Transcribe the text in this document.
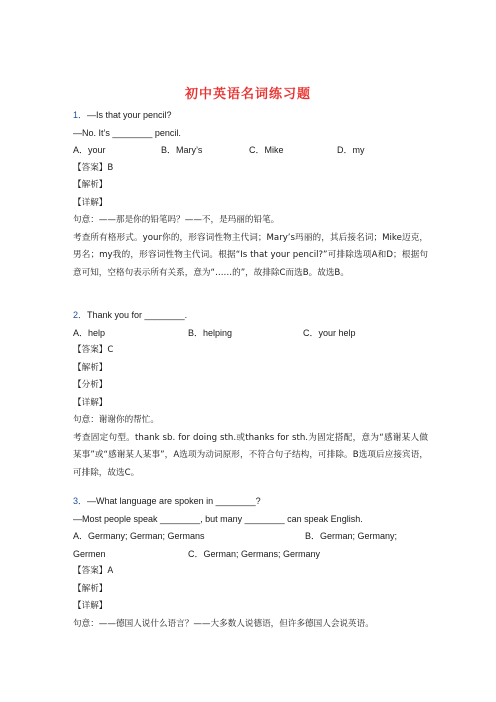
初中英语名词练习题
1．—Is that your pencil?
—No. It’s ________ pencil.
A．your	B．Mary’s	C．Mike	D．my
【答案】B
【解析】
【详解】
句意：——那是你的铅笔吗？——不，是玛丽的铅笔。
考查所有格形式。your你的，形容词性物主代词；Mary’s玛丽的，其后接名词；Mike迈克，男名；my我的，形容词性物主代词。根据“Is that your pencil?”可排除选项A和D；根据句意可知，空格句表示所有关系，意为“……的”，故排除C而选B。故选B。
2．Thank you for ________.
A．help	B．helping	C．your help
【答案】C
【解析】
【分析】
【详解】
句意：谢谢你的帮忙。
考查固定句型。thank sb. for doing sth.或thanks for sth.为固定搭配，意为“感谢某人做某事”或“感谢某人某事”，A选项为动词原形，不符合句子结构，可排除。B选项后应接宾语，可排除，故选C。
3．—What language are spoken in ________?
—Most people speak ________, but many ________ can speak English.
A．Germany; German; Germans	B．German; Germany;
Germen	C．German; Germans; Germany
【答案】A
【解析】
【详解】
句意：——德国人说什么语言？——大多数人说德语，但许多德国人会说英语。
